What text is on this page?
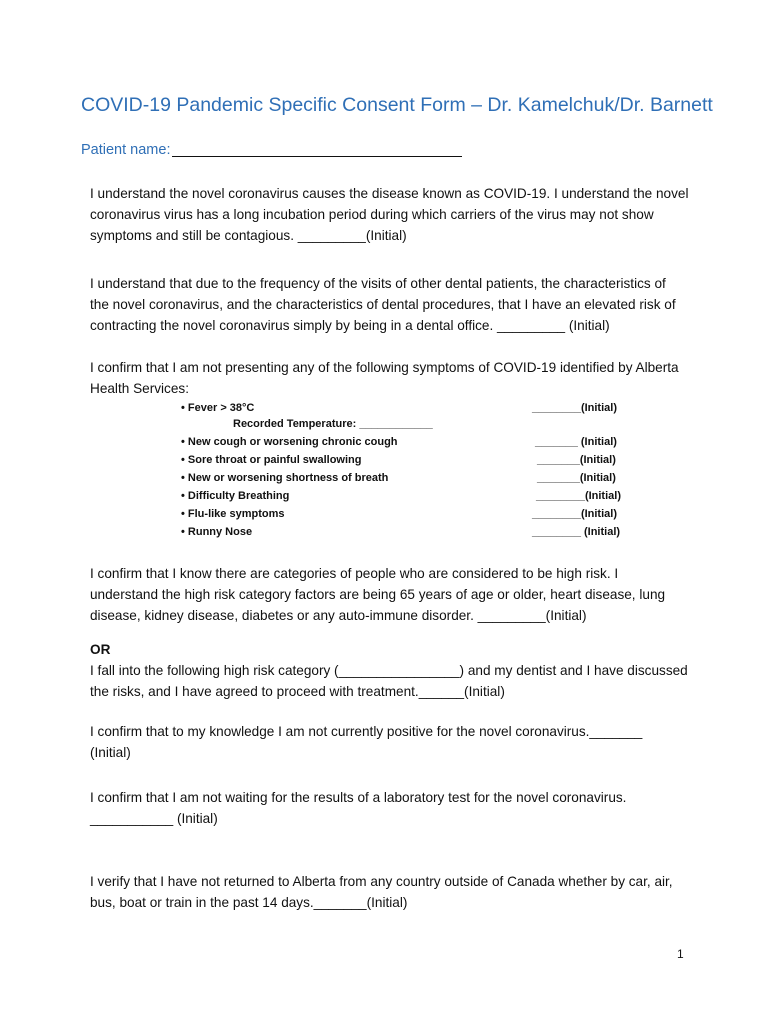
COVID-19 Pandemic Specific Consent Form – Dr. Kamelchuk/Dr. Barnett
Patient name:
I understand the novel coronavirus causes the disease known as COVID-19. I understand the novel
coronavirus virus has a long incubation period during which carriers of the virus may not show
symptoms and still be contagious. _________(Initial)
I understand that due to the frequency of the visits of other dental patients, the characteristics of
the novel coronavirus, and the characteristics of dental procedures, that I have an elevated risk of
contracting the novel coronavirus simply by being in a dental office. _________ (Initial)
I confirm that I am not presenting any of the following symptoms of COVID-19 identified by Alberta
Health Services:
• Fever > 38°C	________(Initial)
Recorded Temperature: ____________
• New cough or worsening chronic cough	_______ (Initial)
• Sore throat or painful swallowing	_______(Initial)
• New or worsening shortness of breath	_______(Initial)
• Difficulty Breathing	________(Initial)
• Flu-like symptoms	________(Initial)
• Runny Nose	________ (Initial)
I confirm that I know there are categories of people who are considered to be high risk. I
understand the high risk category factors are being 65 years of age or older, heart disease, lung
disease, kidney disease, diabetes or any auto-immune disorder. _________(Initial)
OR
I fall into the following high risk category (________________) and my dentist and I have discussed
the risks, and I have agreed to proceed with treatment.______(Initial)
I confirm that to my knowledge I am not currently positive for the novel coronavirus._______
(Initial)
I confirm that I am not waiting for the results of a laboratory test for the novel coronavirus.
___________ (Initial)
I verify that I have not returned to Alberta from any country outside of Canada whether by car, air,
bus, boat or train in the past 14 days._______(Initial)
1
